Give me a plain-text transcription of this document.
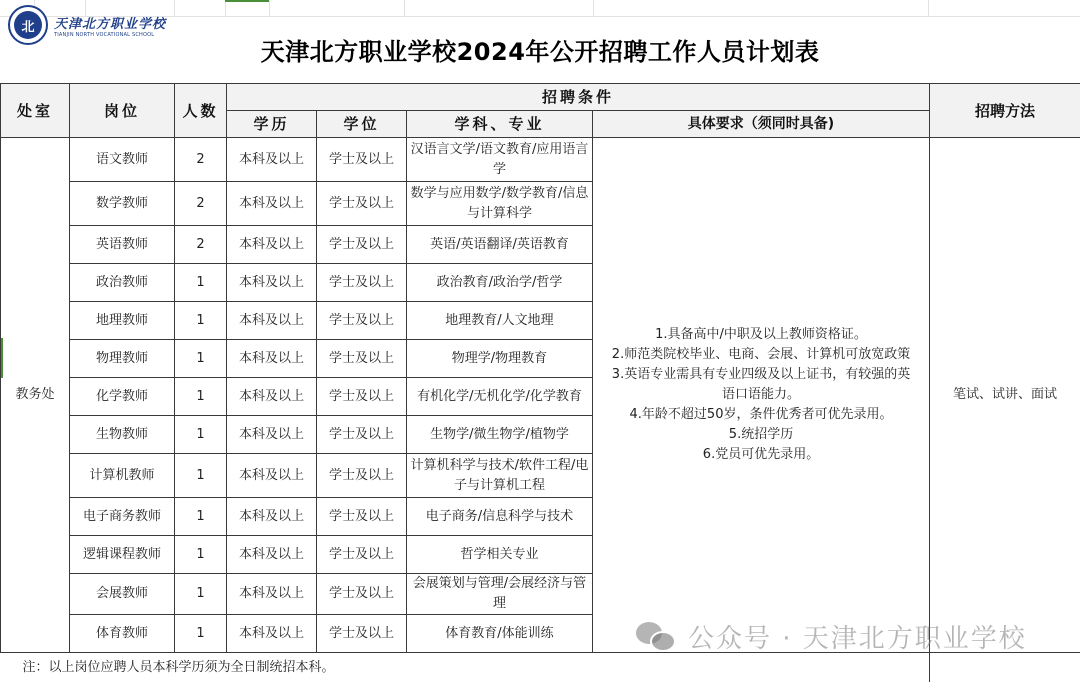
北	天津北方职业学校
TIANJIN NORTH VOCATIONAL SCHOOL
天津北方职业学校2024年公开招聘工作人员计划表
处室	岗位	人数	招聘条件				招聘方法
			学历	学位	学科、专业	具体要求（须同时具备)	
教务处	语文教师	2	本科及以上	学士及以上	汉语言文学/语文教育/应用语言学	
1.具备高中/中职及以上教师资格证。
2.师范类院校毕业、电商、会展、计算机可放宽政策
3.英语专业需具有专业四级及以上证书，有较强的英
语口语能力。
4.年龄不超过50岁，条件优秀者可优先录用。
5.统招学历
6.党员可优先录用。
	笔试、试讲、面试
	数学教师	2	本科及以上	学士及以上	数学与应用数学/数学教育/信息与计算科学		
	英语教师	2	本科及以上	学士及以上	英语/英语翻译/英语教育		
	政治教师	1	本科及以上	学士及以上	政治教育/政治学/哲学		
	地理教师	1	本科及以上	学士及以上	地理教育/人文地理		
	物理教师	1	本科及以上	学士及以上	物理学/物理教育		
	化学教师	1	本科及以上	学士及以上	有机化学/无机化学/化学教育		
	生物教师	1	本科及以上	学士及以上	生物学/微生物学/植物学		
	计算机教师	1	本科及以上	学士及以上	计算机科学与技术/软件工程/电子与计算机工程		
	电子商务教师	1	本科及以上	学士及以上	电子商务/信息科学与技术		
	逻辑课程教师	1	本科及以上	学士及以上	哲学相关专业		
	会展教师	1	本科及以上	学士及以上	会展策划与管理/会展经济与管理		
	体育教师	1	本科及以上	学士及以上	体育教育/体能训练		
注：以上岗位应聘人员本科学历须为全日制统招本科。							
公众号 · 天津北方职业学校
